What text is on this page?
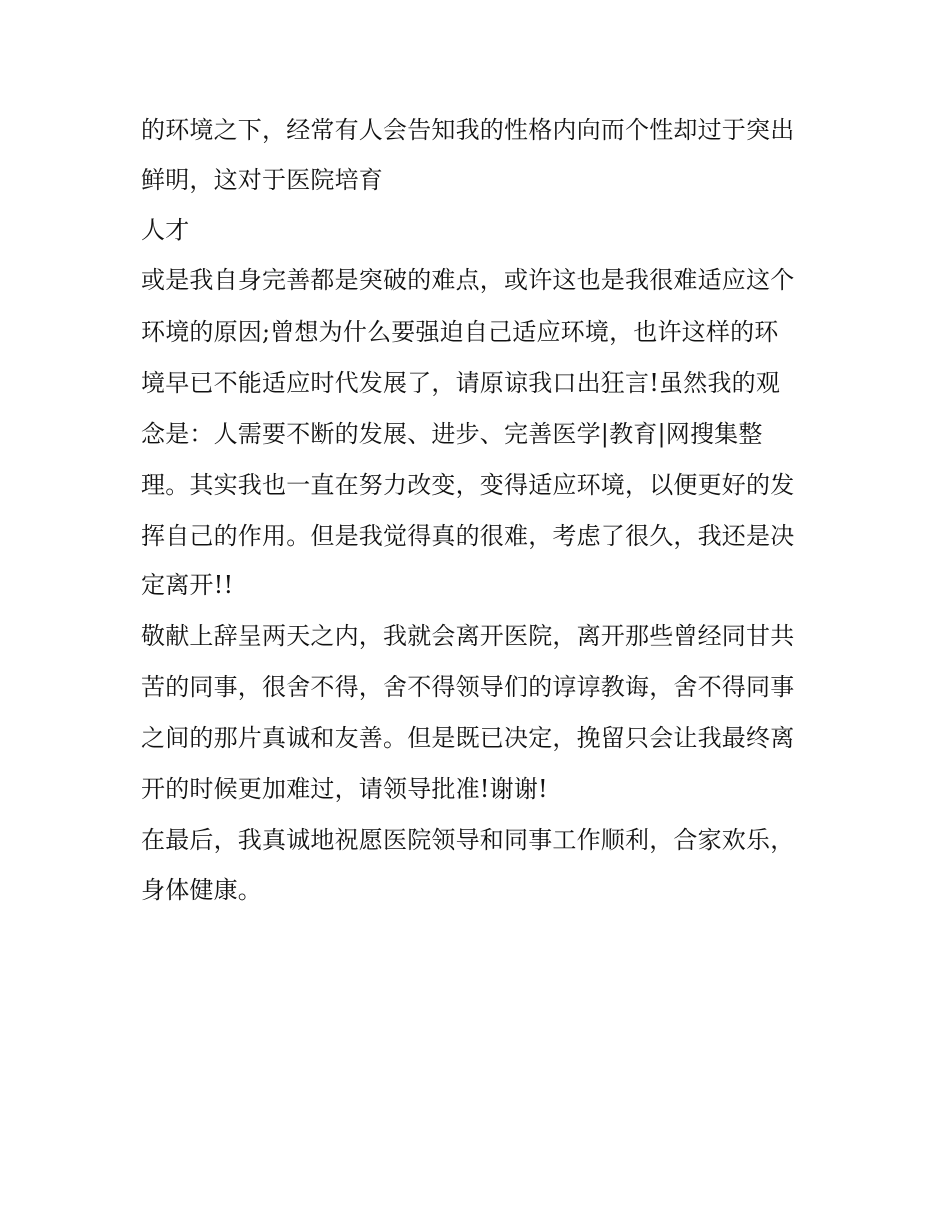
的环境之下，经常有人会告知我的性格内向而个性却过于突出
鲜明，这对于医院培育
人才
或是我自身完善都是突破的难点，或许这也是我很难适应这个
环境的原因;曾想为什么要强迫自己适应环境，也许这样的环
境早已不能适应时代发展了，请原谅我口出狂言!虽然我的观
念是：人需要不断的发展、进步、完善医学|教育|网搜集整
理。其实我也一直在努力改变，变得适应环境，以便更好的发
挥自己的作用。但是我觉得真的很难，考虑了很久，我还是决
定离开!!
敬献上辞呈两天之内，我就会离开医院，离开那些曾经同甘共
苦的同事，很舍不得，舍不得领导们的谆谆教诲，舍不得同事
之间的那片真诚和友善。但是既已决定，挽留只会让我最终离
开的时候更加难过，请领导批准!谢谢!
在最后，我真诚地祝愿医院领导和同事工作顺利，合家欢乐，
身体健康。
